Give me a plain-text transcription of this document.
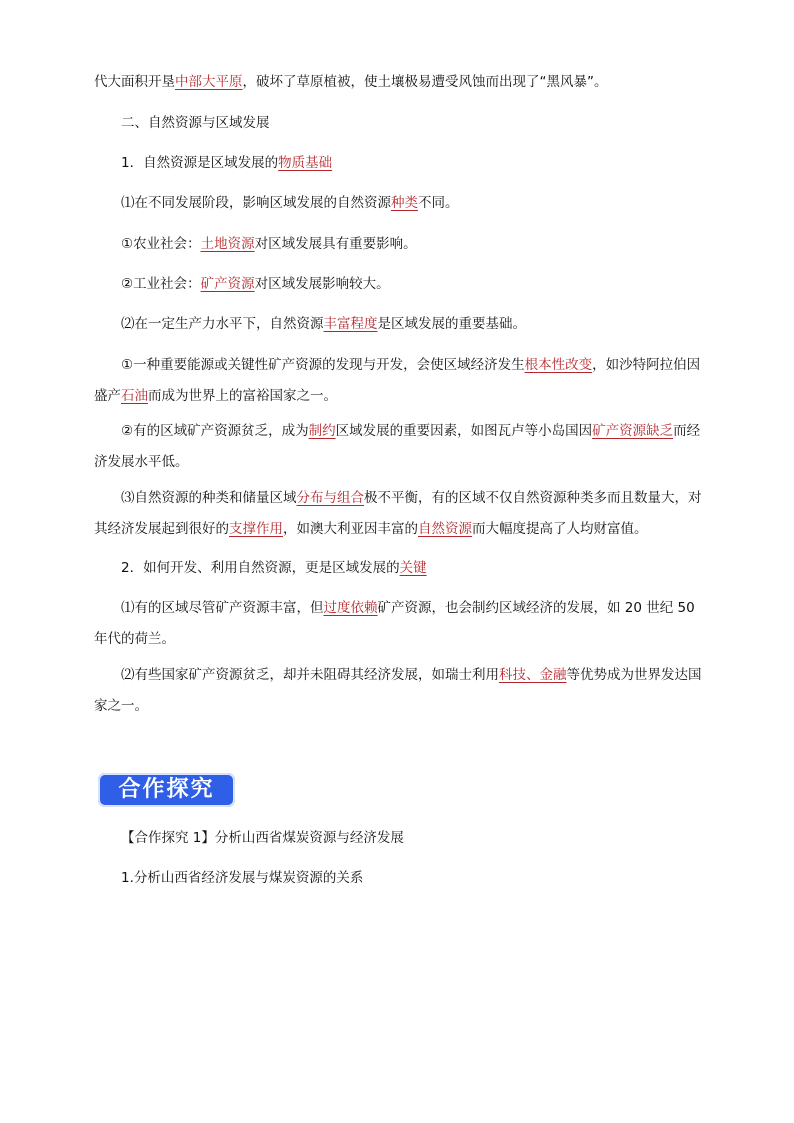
代大面积开垦中部大平原，破坏了草原植被，使土壤极易遭受风蚀而出现了“黑风暴”。
二、自然资源与区域发展
1．自然资源是区域发展的物质基础
⑴在不同发展阶段，影响区域发展的自然资源种类不同。
①农业社会：土地资源对区域发展具有重要影响。
②工业社会：矿产资源对区域发展影响较大。
⑵在一定生产力水平下，自然资源丰富程度是区域发展的重要基础。
①一种重要能源或关键性矿产资源的发现与开发，会使区域经济发生根本性改变，如沙特阿拉伯因盛产石油而成为世界上的富裕国家之一。
②有的区域矿产资源贫乏，成为制约区域发展的重要因素，如图瓦卢等小岛国因矿产资源缺乏而经济发展水平低。
⑶自然资源的种类和储量区域分布与组合极不平衡，有的区域不仅自然资源种类多而且数量大，对其经济发展起到很好的支撑作用，如澳大利亚因丰富的自然资源而大幅度提高了人均财富值。
2．如何开发、利用自然资源，更是区域发展的关键
⑴有的区域尽管矿产资源丰富，但过度依赖矿产资源，也会制约区域经济的发展，如 20 世纪 50 年代的荷兰。
⑵有些国家矿产资源贫乏，却并未阻碍其经济发展，如瑞士利用科技、金融等优势成为世界发达国家之一。
合作探究
【合作探究 1】分析山西省煤炭资源与经济发展
1.分析山西省经济发展与煤炭资源的关系
